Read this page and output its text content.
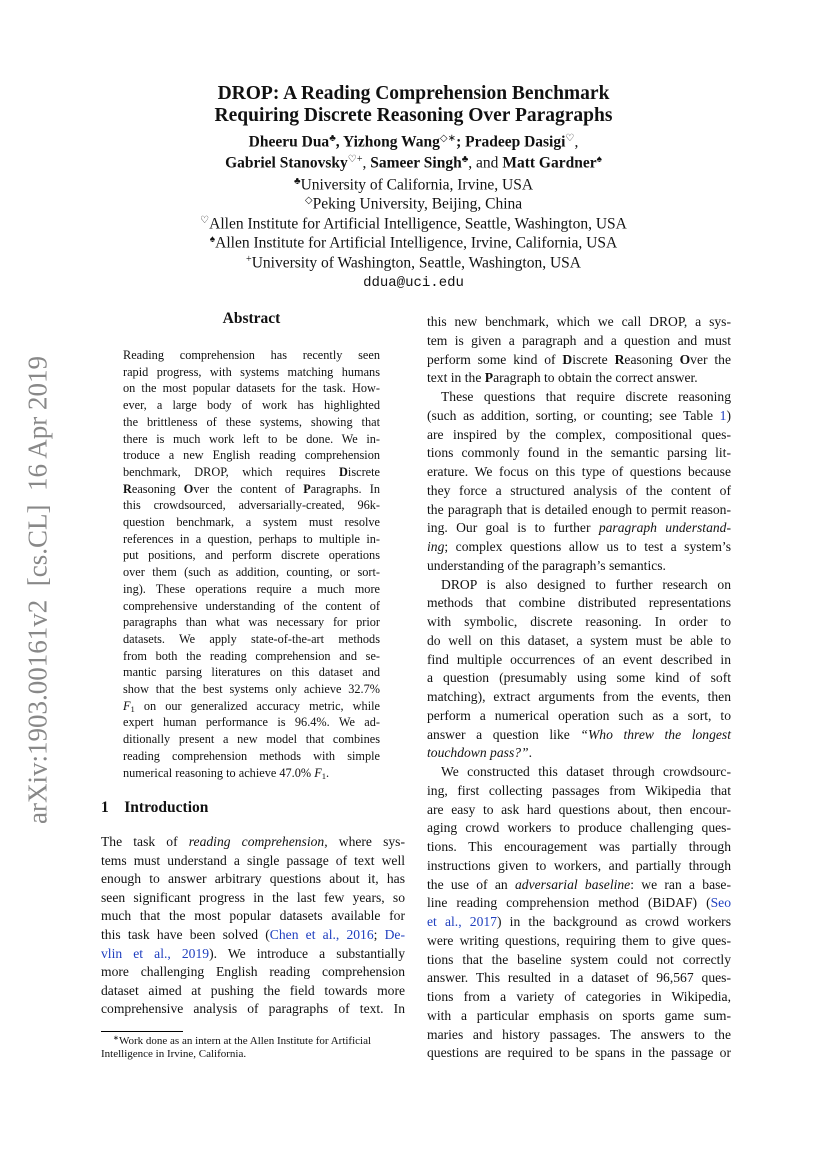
arXiv:1903.00161v2  [cs.CL]  16 Apr 2019
DROP: A Reading Comprehension Benchmark
Requiring Discrete Reasoning Over Paragraphs
Dheeru Dua♣, Yizhong Wang◇∗; Pradeep Dasigi♡,
Gabriel Stanovsky♡+, Sameer Singh♣, and Matt Gardner♠
♣University of California, Irvine, USA
◇Peking University, Beijing, China
♡Allen Institute for Artificial Intelligence, Seattle, Washington, USA
♠Allen Institute for Artificial Intelligence, Irvine, California, USA
+University of Washington, Seattle, Washington, USA
ddua@uci.edu
Abstract
Reading comprehension has recently seen
rapid progress, with systems matching humans
on the most popular datasets for the task. How-
ever, a large body of work has highlighted
the brittleness of these systems, showing that
there is much work left to be done. We in-
troduce a new English reading comprehension
benchmark, DROP, which requires Discrete
Reasoning Over the content of Paragraphs. In
this crowdsourced, adversarially-created, 96k-
question benchmark, a system must resolve
references in a question, perhaps to multiple in-
put positions, and perform discrete operations
over them (such as addition, counting, or sort-
ing). These operations require a much more
comprehensive understanding of the content of
paragraphs than what was necessary for prior
datasets. We apply state-of-the-art methods
from both the reading comprehension and se-
mantic parsing literatures on this dataset and
show that the best systems only achieve 32.7%
F1 on our generalized accuracy metric, while
expert human performance is 96.4%. We ad-
ditionally present a new model that combines
reading comprehension methods with simple
numerical reasoning to achieve 47.0% F1.
1    Introduction
The task of reading comprehension, where sys-
tems must understand a single passage of text well
enough to answer arbitrary questions about it, has
seen significant progress in the last few years, so
much that the most popular datasets available for
this task have been solved (Chen et al., 2016; De-
vlin et al., 2019). We introduce a substantially
more challenging English reading comprehension
dataset aimed at pushing the field towards more
comprehensive analysis of paragraphs of text. In
this new benchmark, which we call DROP, a sys-
tem is given a paragraph and a question and must
perform some kind of Discrete Reasoning Over the
text in the Paragraph to obtain the correct answer.
These questions that require discrete reasoning
(such as addition, sorting, or counting; see Table 1)
are inspired by the complex, compositional ques-
tions commonly found in the semantic parsing lit-
erature. We focus on this type of questions because
they force a structured analysis of the content of
the paragraph that is detailed enough to permit reason-
ing. Our goal is to further paragraph understand-
ing; complex questions allow us to test a system’s
understanding of the paragraph’s semantics.
DROP is also designed to further research on
methods that combine distributed representations
with symbolic, discrete reasoning. In order to
do well on this dataset, a system must be able to
find multiple occurrences of an event described in
a question (presumably using some kind of soft
matching), extract arguments from the events, then
perform a numerical operation such as a sort, to
answer a question like “Who threw the longest
touchdown pass?”.
We constructed this dataset through crowdsourc-
ing, first collecting passages from Wikipedia that
are easy to ask hard questions about, then encour-
aging crowd workers to produce challenging ques-
tions. This encouragement was partially through
instructions given to workers, and partially through
the use of an adversarial baseline: we ran a base-
line reading comprehension method (BiDAF) (Seo
et al., 2017) in the background as crowd workers
were writing questions, requiring them to give ques-
tions that the baseline system could not correctly
answer. This resulted in a dataset of 96,567 ques-
tions from a variety of categories in Wikipedia,
with a particular emphasis on sports game sum-
maries and history passages. The answers to the
questions are required to be spans in the passage or
∗Work done as an intern at the Allen Institute for Artificial
Intelligence in Irvine, California.
